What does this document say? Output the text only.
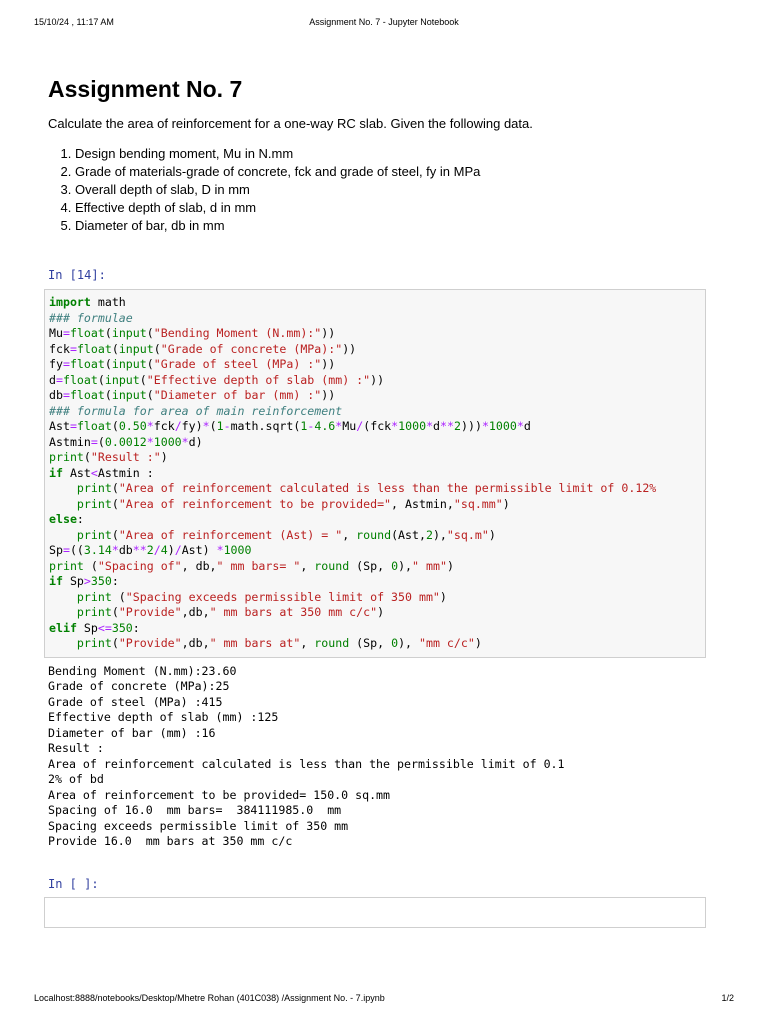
15/10/24 , 11:17 AM	Assignment No. 7 - Jupyter Notebook
Assignment No. 7

Calculate the area of reinforcement for a one-way RC slab. Given the following data.

1. Design bending moment, Mu in N.mm
2. Grade of materials-grade of concrete, fck and grade of steel, fy in MPa
3. Overall depth of slab, D in mm
4. Effective depth of slab, d in mm
5. Diameter of bar, db in mm
In [14]:
import math
### formulae
Mu=float(input("Bending Moment (N.mm):"))
fck=float(input("Grade of concrete (MPa):"))
fy=float(input("Grade of steel (MPa) :"))
d=float(input("Effective depth of slab (mm) :"))
db=float(input("Diameter of bar (mm) :"))
### formula for area of main reinforcement
Ast=float(0.50*fck/fy)*(1-math.sqrt(1-4.6*Mu/(fck*1000*d**2)))*1000*d
Astmin=(0.0012*1000*d)
print("Result :")
if Ast<Astmin :
print("Area of reinforcement calculated is less than the permissible limit of 0.12%
print("Area of reinforcement to be provided=", Astmin,"sq.mm")
else:
print("Area of reinforcement (Ast) = ", round(Ast,2),"sq.m")
Sp=((3.14*db**2/4)/Ast) *1000
print ("Spacing of", db," mm bars= ", round (Sp, 0)," mm")
if Sp>350:
print ("Spacing exceeds permissible limit of 350 mm")
print("Provide",db," mm bars at 350 mm c/c")
elif Sp<=350:
print("Provide",db," mm bars at", round (Sp, 0), "mm c/c")
Bending Moment (N.mm):23.60
Grade of concrete (MPa):25
Grade of steel (MPa) :415
Effective depth of slab (mm) :125
Diameter of bar (mm) :16
Result :
Area of reinforcement calculated is less than the permissible limit of 0.1
2% of bd
Area of reinforcement to be provided= 150.0 sq.mm
Spacing of 16.0  mm bars=  384111985.0  mm
Spacing exceeds permissible limit of 350 mm
Provide 16.0  mm bars at 350 mm c/c
In [ ]:
Localhost:8888/notebooks/Desktop/Mhetre Rohan (401C038) /Assignment No. - 7.ipynb	1/2
